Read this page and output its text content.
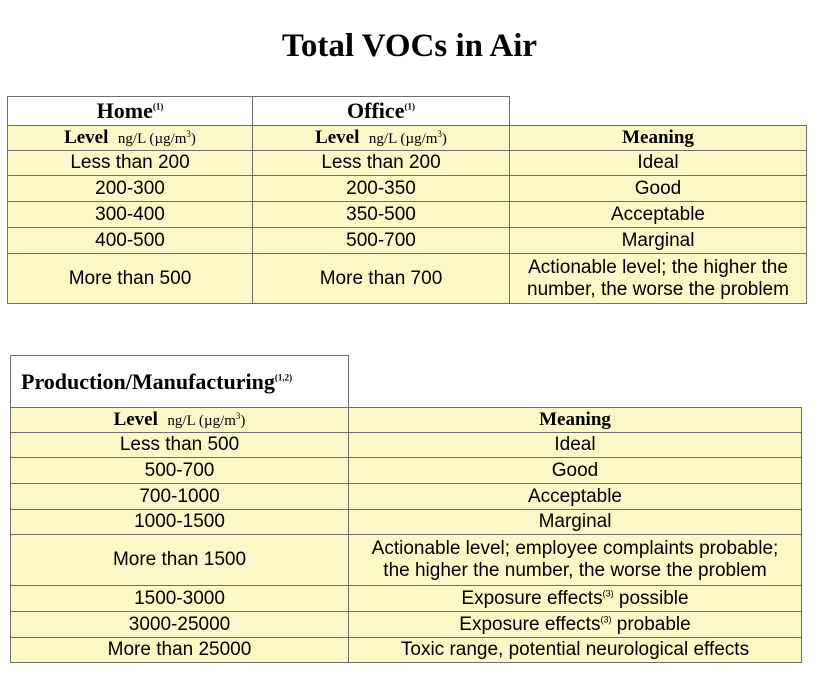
Total VOCs in Air
Home$^{(1)}$	Office$^{(1)}$	
Level ng/L $(\mu g/m^3)$	Level ng/L $(\mu g/m^3)$	Meaning
Less than 200	Less than 200	Ideal
200-300	200-350	Good
300-400	350-500	Acceptable
400-500	500-700	Marginal
More than 500	More than 700	Actionable level; the higher the
number, the worse the problem
Production/Manufacturing$^{(1,2)}$	
Level ng/L $(\mu g/m^3)$	Meaning
Less than 500	Ideal
500-700	Good
700-1000	Acceptable
1000-1500	Marginal
More than 1500	Actionable level; employee complaints probable;
the higher the number, the worse the problem

1500-3000	Exposure effects$^{(3)}$ possible
3000-25000	Exposure effects$^{(3)}$ probable
More than 25000	Toxic range, potential neurological effects
